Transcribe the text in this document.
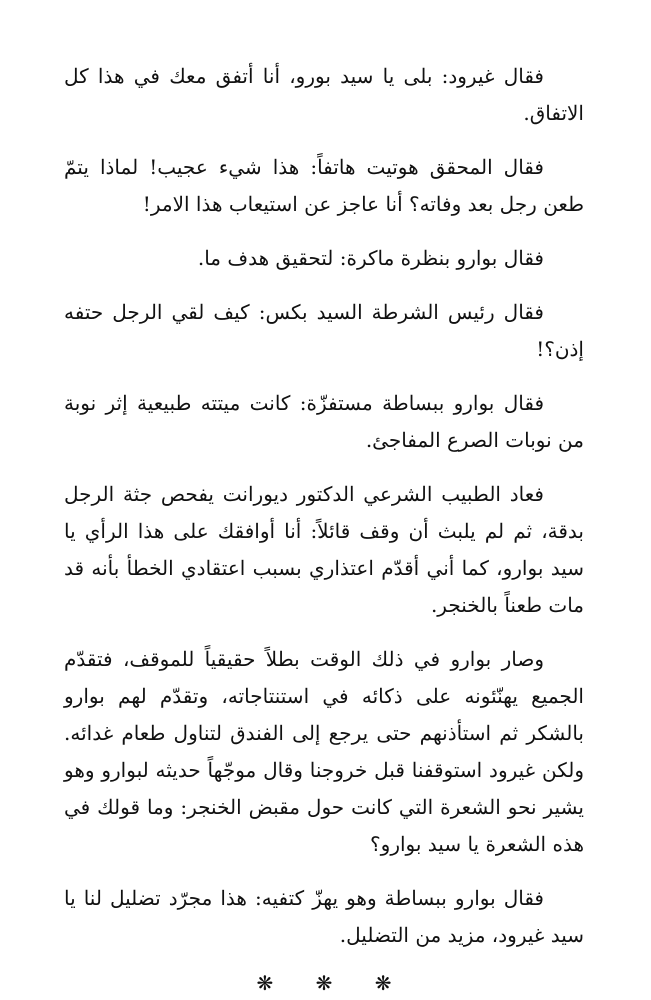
فقال غيرود: بلى يا سيد بورو، أنا أتفق معك في هذا كل الاتفاق.

فقال المحقق هوتيت هاتفاً: هذا شيء عجيب! لماذا يتمّ طعن رجل بعد وفاته؟ أنا عاجز عن استيعاب هذا الامر!

فقال بوارو بنظرة ماكرة: لتحقيق هدف ما.

فقال رئيس الشرطة السيد بكس: كيف لقي الرجل حتفه إذن؟!

فقال بوارو ببساطة مستفزّة: كانت ميتته طبيعية إثر نوبة من نوبات الصرع المفاجئ.

فعاد الطبيب الشرعي الدكتور ديورانت يفحص جثة الرجل بدقة، ثم لم يلبث أن وقف قائلاً: أنا أوافقك على هذا الرأي يا سيد بوارو، كما أني أقدّم اعتذاري بسبب اعتقادي الخطأ بأنه قد مات طعناً بالخنجر.

وصار بوارو في ذلك الوقت بطلاً حقيقياً للموقف، فتقدّم الجميع يهنّئونه على ذكائه في استنتاجاته، وتقدّم لهم بوارو بالشكر ثم استأذنهم حتى يرجع إلى الفندق لتناول طعام غدائه. ولكن غيرود استوقفنا قبل خروجنا وقال موجّهاً حديثه لبوارو وهو يشير نحو الشعرة التي كانت حول مقبض الخنجر: وما قولك في هذه الشعرة يا سيد بوارو؟

فقال بوارو ببساطة وهو يهزّ كتفيه: هذا مجرّد تضليل لنا يا سيد غيرود، مزيد من التضليل.

❋ ❋ ❋
